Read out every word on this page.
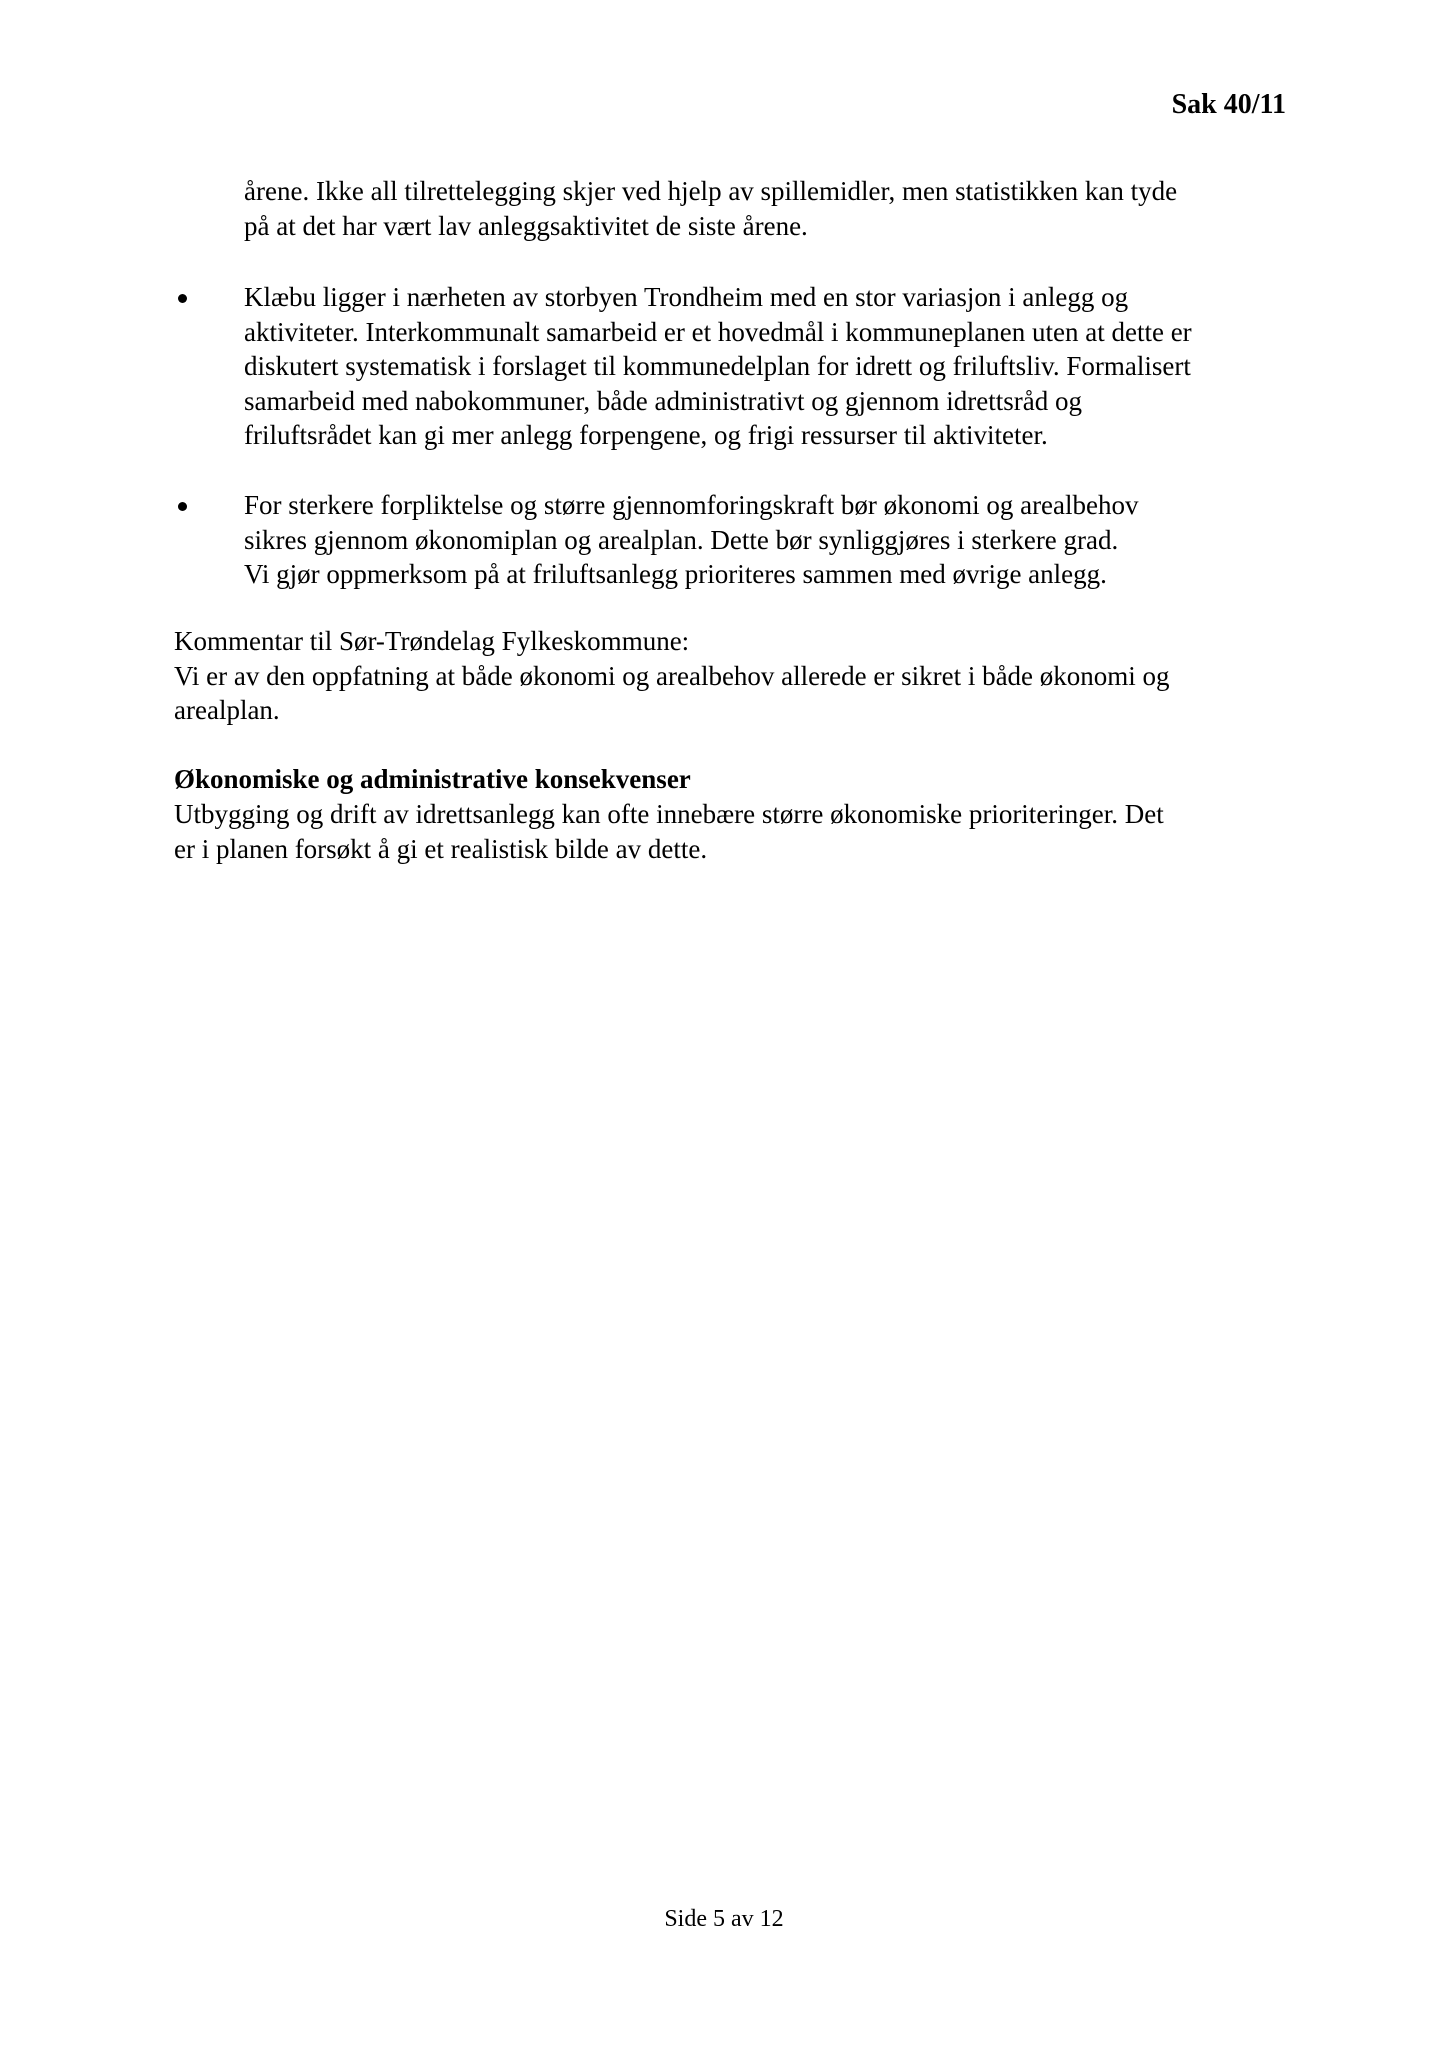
Sak 40/11

årene. Ikke all tilrettelegging skjer ved hjelp av spillemidler, men statistikken kan tyde

på at det har vært lav anleggsaktivitet de siste årene.

Klæbu ligger i nærheten av storbyen Trondheim med en stor variasjon i anlegg og

aktiviteter. Interkommunalt samarbeid er et hovedmål i kommuneplanen uten at dette er

diskutert systematisk i forslaget til kommunedelplan for idrett og friluftsliv. Formalisert

samarbeid med nabokommuner, både administrativt og gjennom idrettsråd og

friluftsrådet kan gi mer anlegg forpengene, og frigi ressurser til aktiviteter.

For sterkere forpliktelse og større gjennomforingskraft bør økonomi og arealbehov

sikres gjennom økonomiplan og arealplan. Dette bør synliggjøres i sterkere grad.

Vi gjør oppmerksom på at friluftsanlegg prioriteres sammen med øvrige anlegg.

Kommentar til Sør-Trøndelag Fylkeskommune:

Vi er av den oppfatning at både økonomi og arealbehov allerede er sikret i både økonomi og

arealplan.

Økonomiske og administrative konsekvenser

Utbygging og drift av idrettsanlegg kan ofte innebære større økonomiske prioriteringer. Det

er i planen forsøkt å gi et realistisk bilde av dette.

Side 5 av 12
